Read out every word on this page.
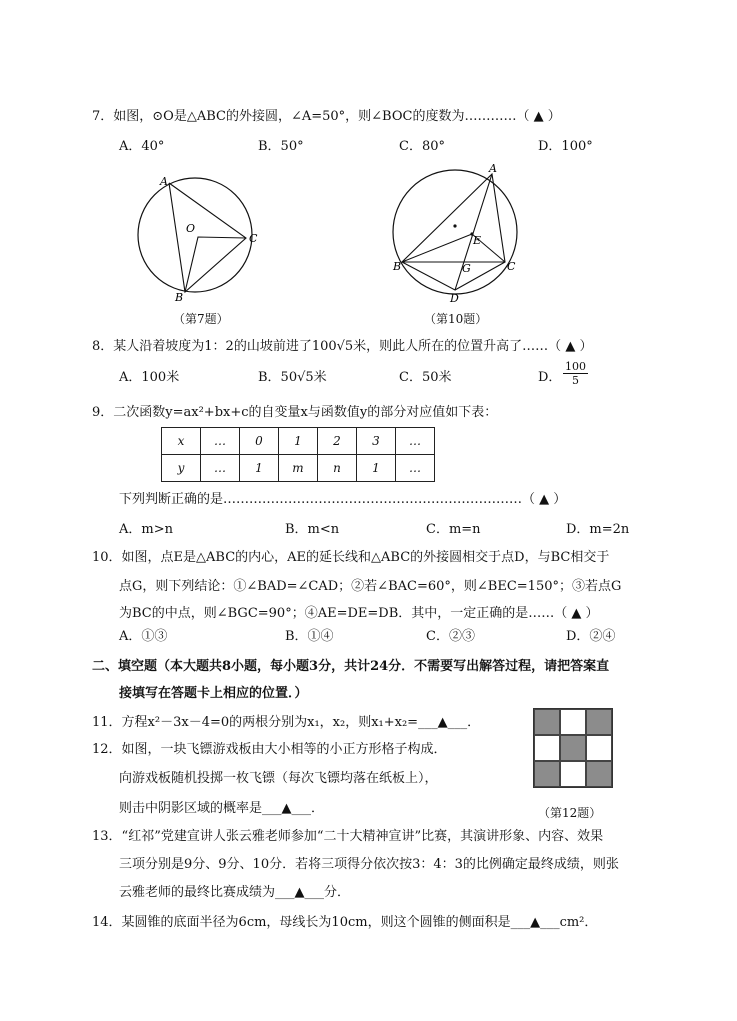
7．如图，⊙O是△ABC的外接圆，∠A=50°，则∠BOC的度数为…………（ ▲ ）
A．40°	B．50°	C．80°	D．100°
A
O
C
B
（第7题）
A
E
B	G	C
D
（第10题）
8．某人沿着坡度为1：2的山坡前进了100√5米，则此人所在的位置升高了……（ ▲ ）
A．100米	B．50√5米	C．50米	D． $\frac{100}{5}$
9．二次函数y=ax²+bx+c的自变量x与函数值y的部分对应值如下表：
x	…	0	1	2	3	…
y	…	1	m	n	1	…
下列判断正确的是……………………………………………………………（ ▲ ）
A．m>n	B．m<n	C．m=n	D．m=2n
10．如图，点E是△ABC的内心，AE的延长线和△ABC的外接圆相交于点D，与BC相交于
点G，则下列结论：①∠BAD=∠CAD；②若∠BAC=60°，则∠BEC=150°；③若点G
为BC的中点，则∠BGC=90°；④AE=DE=DB．其中，一定正确的是……（ ▲ ）
A．①③	B．①④	C．②③	D．②④
二、填空题（本大题共8小题，每小题3分，共计24分．不需要写出解答过程，请把答案直
接填写在答题卡上相应的位置．）
11．方程x²－3x－4=0的两根分别为x₁，x₂，则x₁+x₂=___▲___．
12．如图，一块飞镖游戏板由大小相等的小正方形格子构成．
向游戏板随机投掷一枚飞镖（每次飞镖均落在纸板上），
则击中阴影区域的概率是___▲___．	（第12题）
13．“红祁”党建宣讲人张云雅老师参加“二十大精神宣讲”比赛，其演讲形象、内容、效果
三项分别是9分、9分、10分．若将三项得分依次按3：4：3的比例确定最终成绩，则张
云雅老师的最终比赛成绩为___▲___分．
14．某圆锥的底面半径为6cm，母线长为10cm，则这个圆锥的侧面积是___▲___cm²．
